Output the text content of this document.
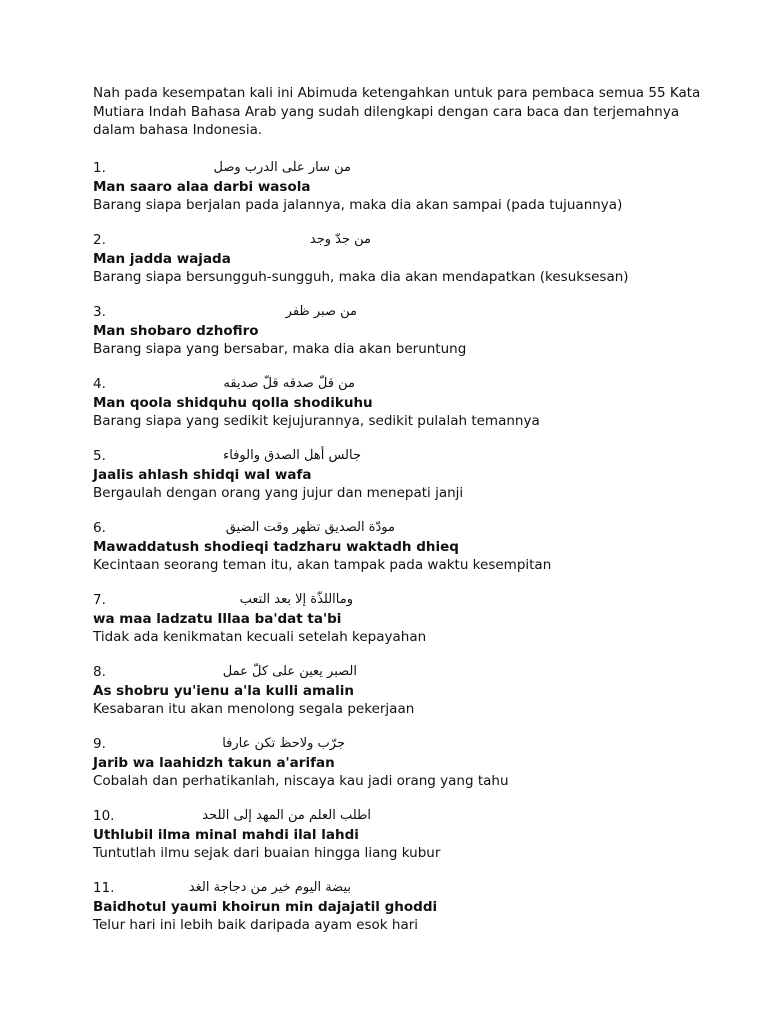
Nah pada kesempatan kali ini Abimuda ketengahkan untuk para pembaca semua 55 Kata Mutiara Indah Bahasa Arab yang sudah dilengkapi dengan cara baca dan terjemahnya dalam bahasa Indonesia.

1.	من سار على الدرب وصل

Man saaro alaa darbi wasola

Barang siapa berjalan pada jalannya, maka dia akan sampai (pada tujuannya)

2.	من جدّ وجد

Man jadda wajada

Barang siapa bersungguh-sungguh, maka dia akan mendapatkan (kesuksesan)

3.	من صبر ظفر

Man shobaro dzhofiro

Barang siapa yang bersabar, maka dia akan beruntung

4.	من قلّ صدقه قلّ صديقه

Man qoola shidquhu qolla shodikuhu

Barang siapa yang sedikit kejujurannya, sedikit pulalah temannya

5.	جالس أهل الصدق والوفاء

Jaalis ahlash shidqi wal wafa

Bergaulah dengan orang yang jujur dan menepati janji

6.	مودّة الصديق تظهر وقت الضيق

Mawaddatush shodieqi tadzharu waktadh dhieq

Kecintaan seorang teman itu, akan tampak pada waktu kesempitan

7.	ومااللذّة إلا بعد التعب

wa maa ladzatu Illaa ba'dat ta'bi

Tidak ada kenikmatan kecuali setelah kepayahan

8.	الصبر يعين على كلّ عمل

As shobru yu'ienu a'la kulli amalin

Kesabaran itu akan menolong segala pekerjaan

9.	جرّب ولاحظ تكن عارفا

Jarib wa laahidzh takun a'arifan

Cobalah dan perhatikanlah, niscaya kau jadi orang yang tahu

10.	اطلب العلم من المهد إلى اللحد

Uthlubil ilma minal mahdi ilal lahdi

Tuntutlah ilmu sejak dari buaian hingga liang kubur

11.	بيضة اليوم خير من دجاجة الغد

Baidhotul yaumi khoirun min dajajatil ghoddi

Telur hari ini lebih baik daripada ayam esok hari
